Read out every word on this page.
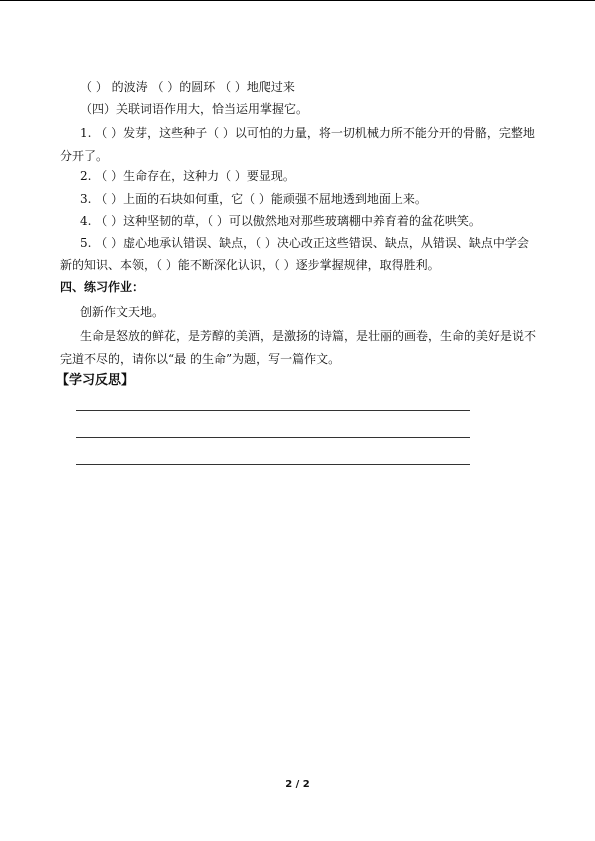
（ ） 的波涛 （ ）的圆环 （ ）地爬过来
（四）关联词语作用大，恰当运用掌握它。
1. （ ）发芽，这些种子（ ）以可怕的力量，将一切机械力所不能分开的骨骼，完整地
分开了。
2. （ ）生命存在，这种力（ ）要显现。
3. （ ）上面的石块如何重，它（ ）能顽强不屈地透到地面上来。
4. （ ）这种坚韧的草，（ ）可以傲然地对那些玻璃棚中养育着的盆花哄笑。
5. （ ）虚心地承认错误、缺点，（ ）决心改正这些错误、缺点，从错误、缺点中学会
新的知识、本领，（ ）能不断深化认识，（ ）逐步掌握规律，取得胜利。
四、练习作业：
创新作文天地。
生命是怒放的鲜花，是芳醇的美酒，是激扬的诗篇，是壮丽的画卷，生命的美好是说不
完道不尽的，请你以“最 的生命”为题，写一篇作文。
【学习反思】
2 / 2
